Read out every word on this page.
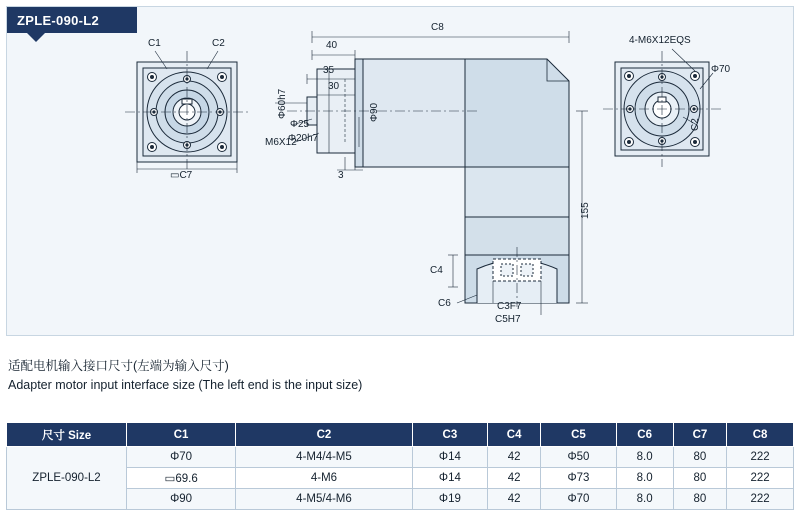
ZPLE-090-L2
C1	C2
▭C7
C8
40
35
30
Φ60h7
Φ25
Φ20h7
M6X12
Φ90
3
155
C4
C6	C3F7
C5H7
4-M6X12EQS
Φ70
C2
适配电机输入接口尺寸(左端为输入尺寸)
Adapter motor input interface size (The left end is the input size)
尺寸 Size	C1	C2	C3	C4	C5	C6	C7	C8
ZPLE-090-L2	Φ70	4-M4/4-M5	Φ14	42	Φ50	8.0	80	222
	▭69.6	4-M6	Φ14	42	Φ73	8.0	80	222
	Φ90	4-M5/4-M6	Φ19	42	Φ70	8.0	80	222
